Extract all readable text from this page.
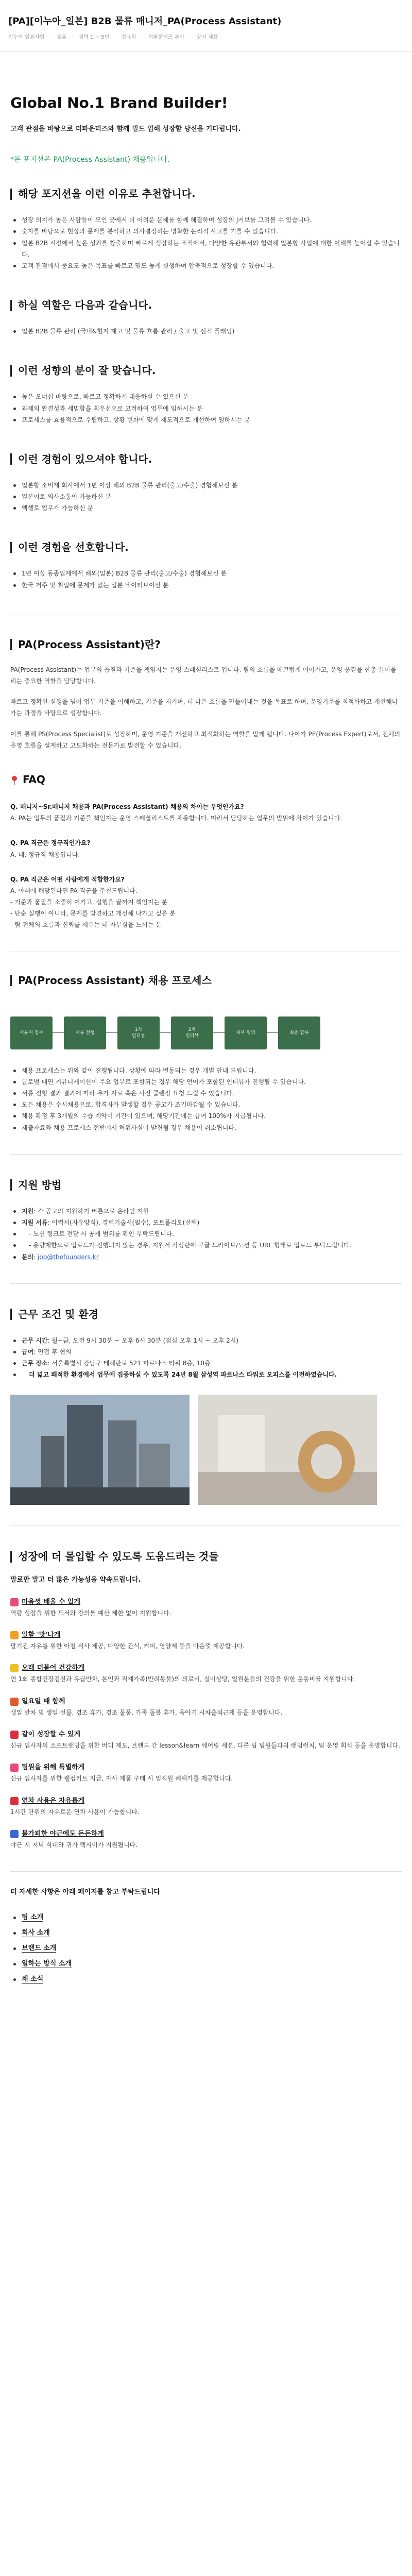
[PA][이누아_일본] B2B 물류 매니저_PA(Process Assistant)
이누아 일본사업 · 물류 · 경력 1 ~ 5년 · 정규직 · 더파운더즈 본사 · 상시 채용
Global No.1 Brand Builder!
고객 관점을 바탕으로 더파운더즈와 함께 빌드 업해 성장할 당신을 기다립니다.
*본 포지션은 PA(Process Assistant) 채용입니다.
해당 포지션을 이런 이유로 추천합니다.
성장 의지가 높은 사람들이 모인 곳에서 더 어려운 문제를 함께 해결하며 성장의 J커브를 그려볼 수 있습니다.
숫자를 바탕으로 현상과 문제를 분석하고 의사결정하는 명확한 논리적 사고를 기를 수 있습니다.
일본 B2B 시장에서 높은 성과를 창출하며 빠르게 성장하는 조직에서, 다양한 유관부서와 협력해 일본향 사업에 대한 이해를 높이실 수 있습니다.
고객 관점에서 중요도 높은 목표를 빠르고 밀도 높게 실행하며 압축적으로 성장할 수 있습니다.
하실 역할은 다음과 같습니다.
일본 B2B 물류 관리 (국내&현지 재고 및 물류 흐름 관리 / 출고 및 선적 플래닝)
이런 성향의 분이 잘 맞습니다.
높은 오너십 바탕으로, 빠르고 정확하게 대응하실 수 있으신 분
과제의 완결성과 세밀함을 최우선으로 고려하여 업무에 임하시는 분
프로세스를 효율적으로 수립하고, 상황 변화에 맞게 제도적으로 개선하여 임하시는 분
이런 경험이 있으셔야 합니다.
일본향 소비재 회사에서 1년 이상 해외 B2B 물류 관리(출고/수출) 경험해보신 분
일본어로 의사소통이 가능하신 분
엑셀로 업무가 가능하신 분
이런 경험을 선호합니다.
1년 이상 동종업계에서 해외(일본) B2B 물류 관리(출고/수출) 경험해보신 분
한국 거주 및 취업에 문제가 없는 일본 네이티브이신 분
PA(Process Assistant)란?

PA(Process Assistant)는 업무의 품질과 기준을 책임지는 운영 스페셜리스트 입니다. 팀의 흐름을 매끄럽게 이어가고, 운영 품질을 한층 끌어올리는 중요한 역할을 담당합니다.

빠르고 정확한 실행을 넘어 업무 기준을 이해하고, 기준을 지키며, 더 나은 흐름을 만들어내는 것을 목표로 하며, 운영기준을 최적화하고 개선해나가는 과정을 바탕으로 성장합니다.

이를 통해 PS(Process Specialist)로 성장하며, 운영 기준을 개선하고 최적화하는 역할을 맡게 됩니다. 나아가 PE(Process Expert)로서, 전체의 운영 흐름을 설계하고 고도화하는 전문가로 발전할 수 있습니다.

FAQ
Q. 매니저~Sr.매니저 채용과 PA(Process Assistant) 채용의 차이는 무엇인가요?
A. PA는 업무의 품질과 기준을 책임지는 운영 스페셜리스트를 채용합니다. 따라서 담당하는 업무의 범위에 차이가 있습니다.
Q. PA 직군은 정규직인가요?
A. 네, 정규직 채용입니다.
Q. PA 직군은 어떤 사람에게 적합한가요?
A. 아래에 해당된다면 PA 직군을 추천드립니다.
- 기준과 품질을 소중히 여기고, 실행을 끝까지 책임지는 분
- 단순 실행이 아니라, 문제를 발견하고 개선해 나가고 싶은 분
- 팀 전체의 흐름과 신뢰를 세우는 데 자부심을 느끼는 분
PA(Process Assistant) 채용 프로세스
서류지 접수	서류 전형
1차
인터뷰
2차
인터뷰
처우 협의	최종 합류
채용 프로세스는 위와 같이 진행됩니다. 상황에 따라 변동되는 경우 개별 안내 드립니다.
글로벌 대면 커뮤니케이션이 주요 업무로 포함되는 경우 해당 언어가 포함된 인터뷰가 진행될 수 있습니다.
서류 전형 결과 결과에 따라 추가 자료 혹은 사전 클렌징 요청 드릴 수 있습니다.
모든 채용은 수시채용으로, 합격자가 발생할 경우 공고가 조기마감될 수 있습니다.
채용 확정 후 3개월의 수습 계약이 기간이 있으며, 해당기간에는 급여 100%가 지급됩니다.
제출자료와 채용 프로세스 전반에서 허위사실이 발견될 경우 채용이 취소됩니다.
지원 방법
지원: 각 공고의 지원하기 버튼으로 온라인 지원
지원 서류: 이력서(자유양식), 경력기술서(필수), 포트폴리오(선택)
- 노션 링크로 전달 시 공개 범위를 확인 부탁드립니다.
- 용량제한으로 업로드가 진행되지 않는 경우, 지원서 작성란에 구글 드라이브/노션 등 URL 형태로 업로드 부탁드립니다.
문의: job@thefounders.kr
근무 조건 및 환경
근무 시간: 월~금, 오전 9시 30분 ~ 오후 6시 30분 (점심 오후 1시 ~ 오후 2시)
급여: 면접 후 협의
근무 장소: 서울특별시 강남구 테헤란로 521 파르나스 타워 8층, 10층
더 넓고 쾌적한 환경에서 업무에 집중하실 수 있도록 24년 8월 삼성역 파르나스 타워로 오피스를 이전하였습니다.
성장에 더 몰입할 수 있도록 도움드리는 것들
말로만 말고 더 많은 가능성을 약속드립니다.
마음껏 배울 수 있게

역량 성장을 위한 도서와 강의를 예산 제한 없이 지원합니다.

일할 '맛'나게

팔기진 자유롭 위한 아침 식사 제공, 다양한 간식, 커피, 영양제 등을 마음껏 제공합니다.

오래 더불어 건강하게

연 1회 종합건강검진과 유급반차, 본인과 직계가족(반려동물)의 의료비, 실비상당, 일원분들의 건강을 위한 운동비를 지원합니다.

일요일 때 함께

생일 반차 및 생일 선물, 경조 휴가, 경조 물품, 가족 돌봄 휴가, 육아기 시차출퇴근제 등을 운영합니다.

같이 성장할 수 있게

신규 입사자의 소프트랜딩을 위한 버디 제도, 브랜드 간 lesson&learn 쉐어링 세션, 다른 팀 팀원들과의 랜덤런치, 팀 운영 회식 등을 운영합니다.

팀원을 위해 특별하게

신규 입사자를 위한 웰컴키트 지급, 자사 제품 구매 시 임직원 혜택가를 제공합니다.

연차 사용은 자유롭게

1시간 단위의 자유로운 연차 사용이 가능합니다.

불가피한 야근에도 든든하게

야근 시 저녁 식대와 귀가 택시비가 지원됩니다.

더 자세한 사항은 아래 페이지를 참고 부탁드립니다
팀 소개
회사 소개
브랜드 소개
일하는 방식 소개
채 소식
